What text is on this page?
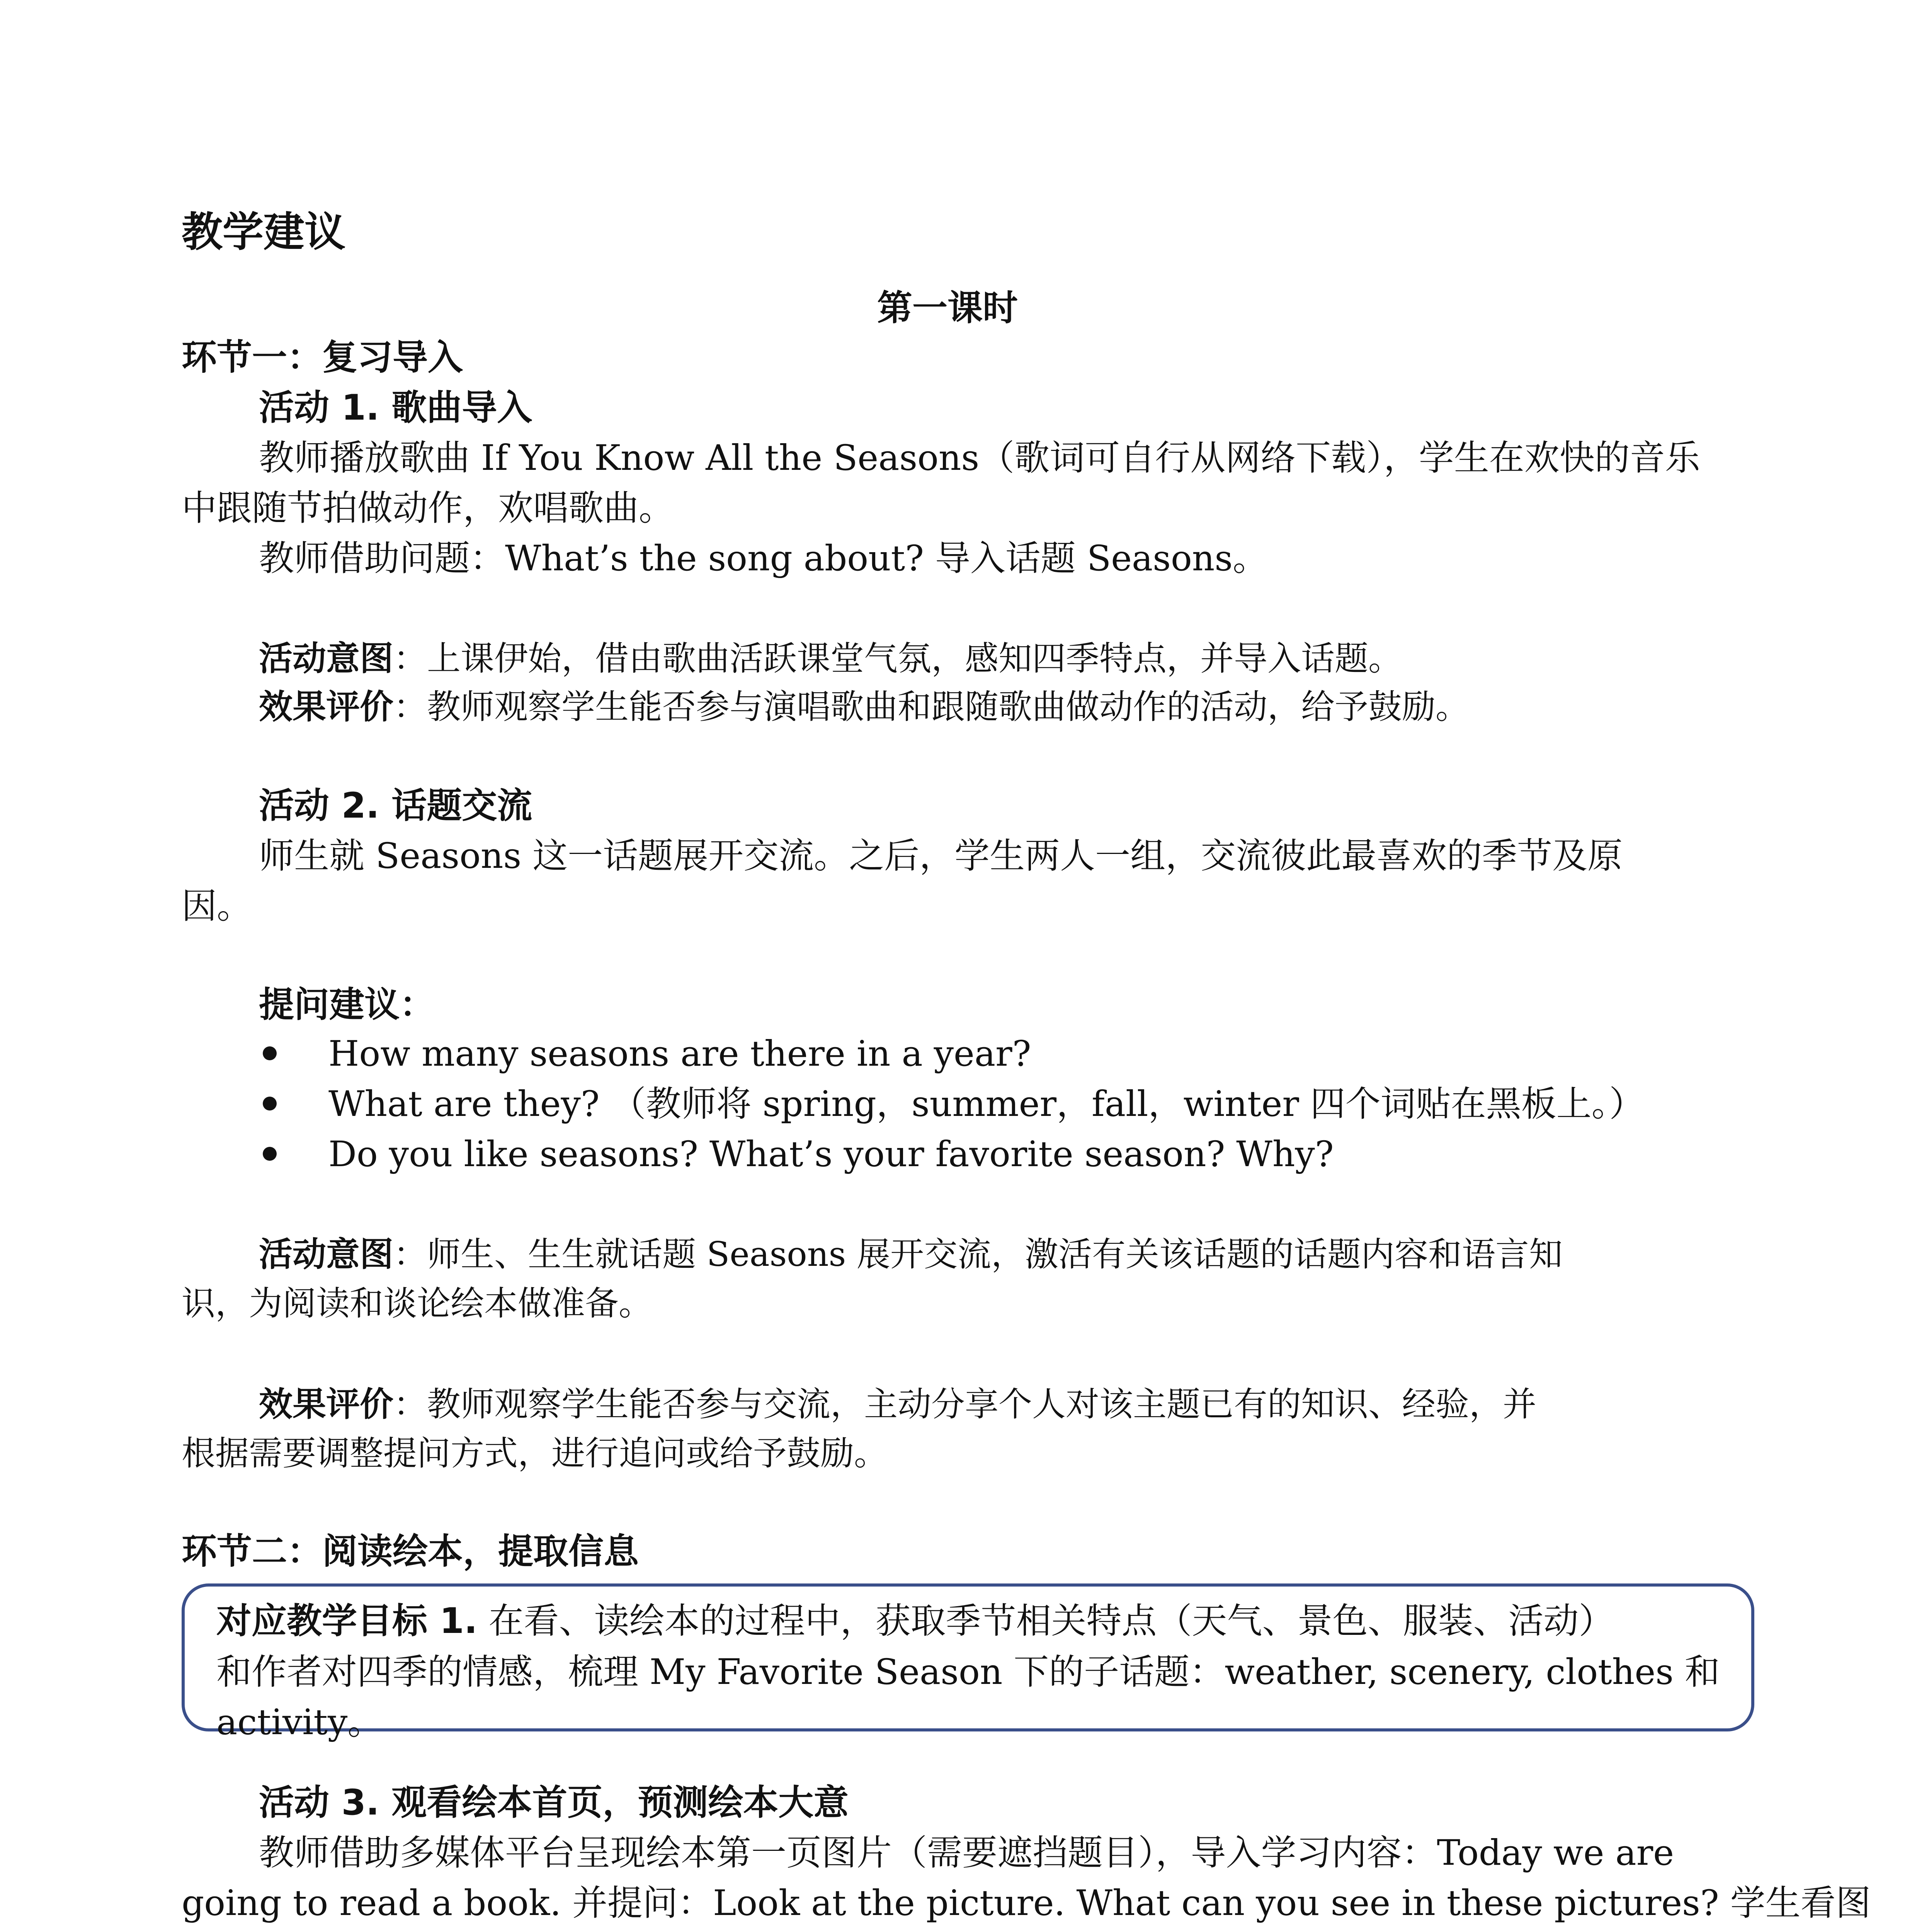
教学建议
第一课时
环节一：复习导入
活动 1. 歌曲导入
教师播放歌曲 If You Know All the Seasons（歌词可自行从网络下载），学生在欢快的音乐
中跟随节拍做动作，欢唱歌曲。
教师借助问题：What’s the song about? 导入话题 Seasons。
活动意图：上课伊始，借由歌曲活跃课堂气氛，感知四季特点，并导入话题。
效果评价：教师观察学生能否参与演唱歌曲和跟随歌曲做动作的活动，给予鼓励。
活动 2. 话题交流
师生就 Seasons 这一话题展开交流。之后，学生两人一组，交流彼此最喜欢的季节及原
因。
提问建议：
How many seasons are there in a year?
What are they? （教师将 spring，summer，fall，winter 四个词贴在黑板上。）
Do you like seasons? What’s your favorite season? Why?
活动意图：师生、生生就话题 Seasons 展开交流，激活有关该话题的话题内容和语言知
识，为阅读和谈论绘本做准备。
效果评价：教师观察学生能否参与交流，主动分享个人对该主题已有的知识、经验，并
根据需要调整提问方式，进行追问或给予鼓励。
环节二：阅读绘本，提取信息
对应教学目标 1. 在看、读绘本的过程中，获取季节相关特点（天气、景色、服装、活动）
和作者对四季的情感，梳理 My Favorite Season 下的子话题：weather, scenery, clothes 和
activity。
活动 3. 观看绘本首页，预测绘本大意
教师借助多媒体平台呈现绘本第一页图片（需要遮挡题目），导入学习内容：Today we are
going to read a book. 并提问：Look at the picture. What can you see in these pictures? 学生看图
